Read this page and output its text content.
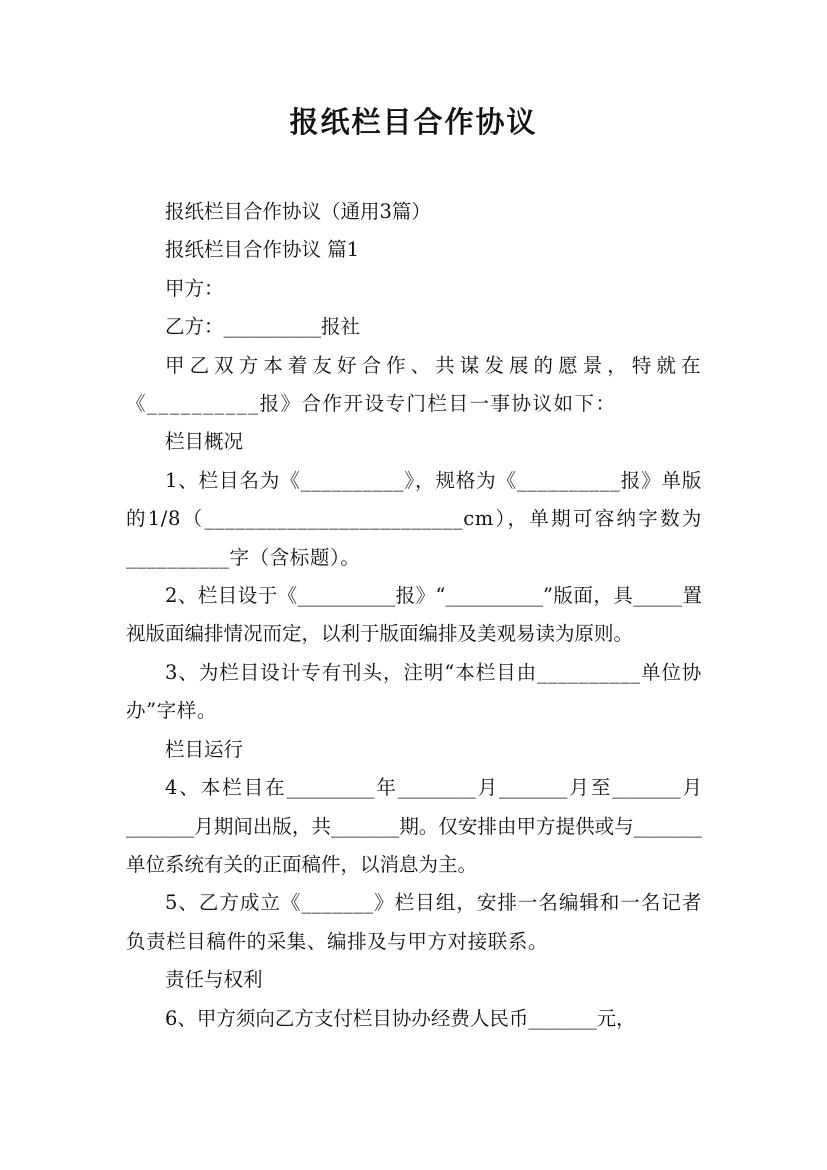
报纸栏目合作协议

报纸栏目合作协议（通用3篇）

报纸栏目合作协议 篇1

甲方：

乙方：__________报社

甲乙双方本着友好合作、共谋发展的愿景，特就在《__________报》合作开设专门栏目一事协议如下：

栏目概况

1、栏目名为《__________》，规格为《__________报》单版的1/8（_________________________cm），单期可容纳字数为__________字（含标题）。

2、栏目设于《__________报》“__________”版面，具_____置视版面编排情况而定，以利于版面编排及美观易读为原则。

3、为栏目设计专有刊头，注明“本栏目由__________单位协办”字样。

栏目运行

4、本栏目在_________年________月_______月至_______月_______月期间出版，共_______期。仅安排由甲方提供或与_______单位系统有关的正面稿件，以消息为主。

5、乙方成立《_______》栏目组，安排一名编辑和一名记者负责栏目稿件的采集、编排及与甲方对接联系。

责任与权利

6、甲方须向乙方支付栏目协办经费人民币_______元，
